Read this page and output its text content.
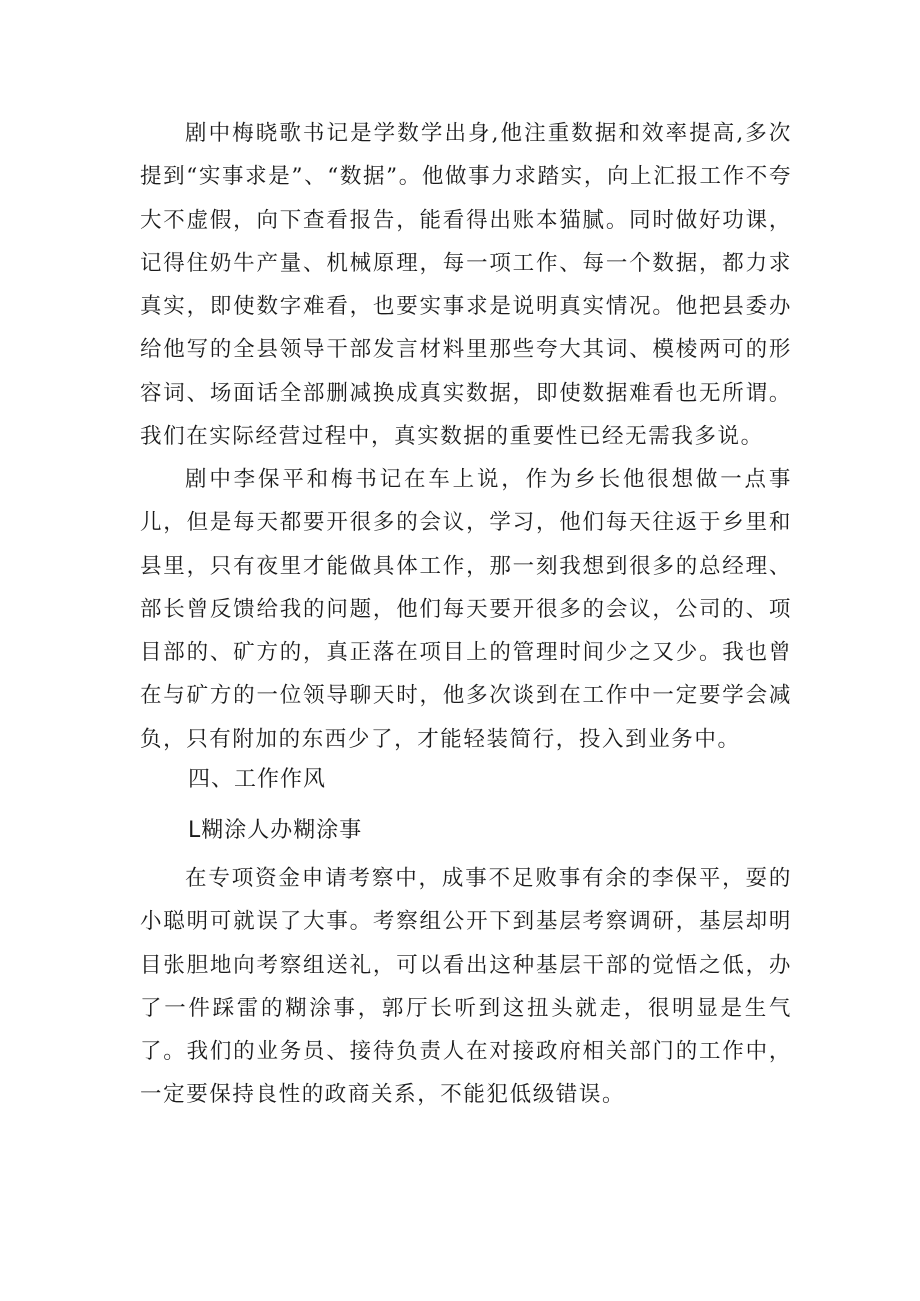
剧中梅晓歌书记是学数学出身,他注重数据和效率提高,多次提到“实事求是”、“数据”。他做事力求踏实，向上汇报工作不夸大不虚假，向下查看报告，能看得出账本猫腻。同时做好功课，记得住奶牛产量、机械原理，每一项工作、每一个数据，都力求真实，即使数字难看，也要实事求是说明真实情况。他把县委办给他写的全县领导干部发言材料里那些夸大其词、模棱两可的形容词、场面话全部删减换成真实数据，即使数据难看也无所谓。我们在实际经营过程中，真实数据的重要性已经无需我多说。

剧中李保平和梅书记在车上说，作为乡长他很想做一点事儿，但是每天都要开很多的会议，学习，他们每天往返于乡里和县里，只有夜里才能做具体工作，那一刻我想到很多的总经理、部长曾反馈给我的问题，他们每天要开很多的会议，公司的、项目部的、矿方的，真正落在项目上的管理时间少之又少。我也曾在与矿方的一位领导聊天时，他多次谈到在工作中一定要学会减负，只有附加的东西少了，才能轻装简行，投入到业务中。

四、工作作风
L糊涂人办糊涂事

在专项资金申请考察中，成事不足败事有余的李保平，耍的小聪明可就误了大事。考察组公开下到基层考察调研，基层却明目张胆地向考察组送礼，可以看出这种基层干部的觉悟之低，办了一件踩雷的糊涂事，郭厅长听到这扭头就走，很明显是生气了。我们的业务员、接待负责人在对接政府相关部门的工作中，一定要保持良性的政商关系，不能犯低级错误。
